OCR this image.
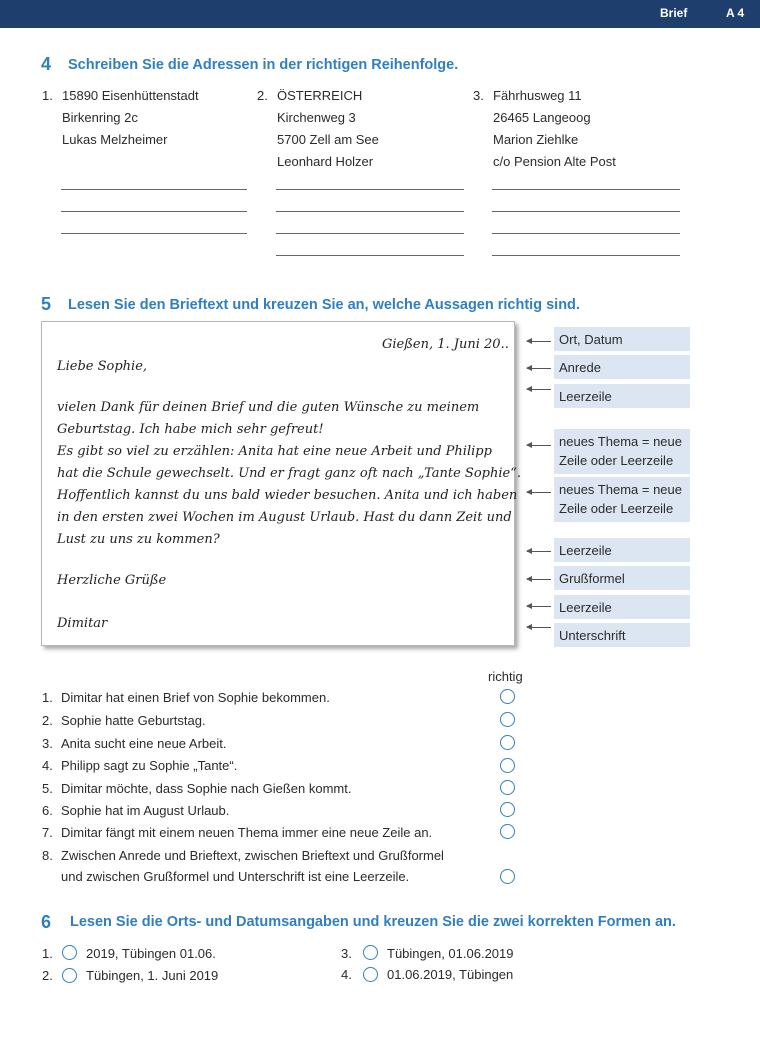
Brief	A 4
4 Schreiben Sie die Adressen in der richtigen Reihenfolge.
1. 15890 Eisenhüttenstadt
Birkenring 2c
Lukas Melzheimer
2. ÖSTERREICH
Kirchenweg 3
5700 Zell am See
Leonhard Holzer
3. Fährhusweg 11
26465 Langeoog
Marion Ziehlke
c/o Pension Alte Post
5 Lesen Sie den Brieftext und kreuzen Sie an, welche Aussagen richtig sind.
Gießen, 1. Juni 20..
Liebe Sophie,
vielen Dank für deinen Brief und die guten Wünsche zu meinem
Geburtstag. Ich habe mich sehr gefreut!
Es gibt so viel zu erzählen: Anita hat eine neue Arbeit und Philipp
hat die Schule gewechselt. Und er fragt ganz oft nach „Tante Sophie“.
Hoffentlich kannst du uns bald wieder besuchen. Anita und ich haben
in den ersten zwei Wochen im August Urlaub. Hast du dann Zeit und
Lust zu uns zu kommen?
Herzliche Grüße
Dimitar
Ort, Datum
Anrede
Leerzeile
neues Thema = neue Zeile oder Leerzeile
neues Thema = neue Zeile oder Leerzeile
Leerzeile
Grußformel
Leerzeile
Unterschrift
richtig
1. Dimitar hat einen Brief von Sophie bekommen.
2. Sophie hatte Geburtstag.
3. Anita sucht eine neue Arbeit.
4. Philipp sagt zu Sophie „Tante“.
5. Dimitar möchte, dass Sophie nach Gießen kommt.
6. Sophie hat im August Urlaub.
7. Dimitar fängt mit einem neuen Thema immer eine neue Zeile an.
8. Zwischen Anrede und Brieftext, zwischen Brieftext und Grußformel
und zwischen Grußformel und Unterschrift ist eine Leerzeile.
6 Lesen Sie die Orts- und Datumsangaben und kreuzen Sie die zwei korrekten Formen an.
1.	2019, Tübingen 01.06.
2.	Tübingen, 1. Juni 2019
3.	Tübingen, 01.06.2019
4.	01.06.2019, Tübingen
